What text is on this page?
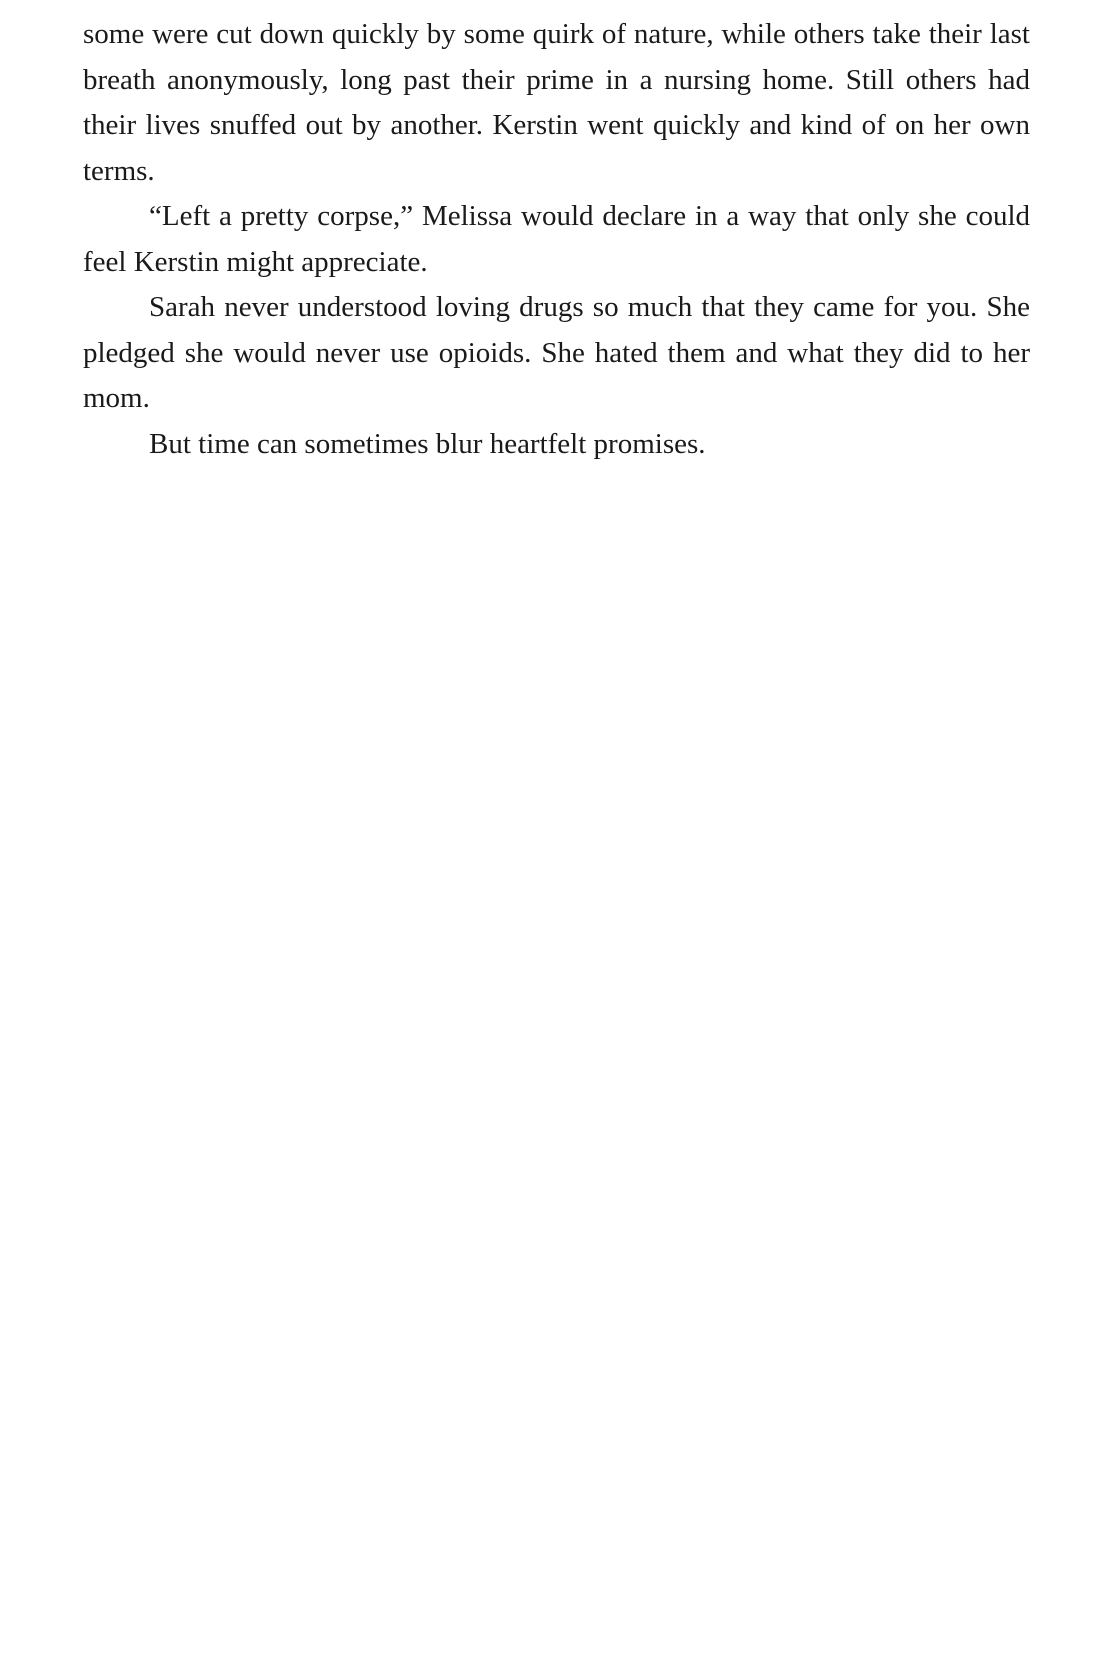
some were cut down quickly by some quirk of nature, while others take their last breath anonymously, long past their prime in a nursing home. Still others had their lives snuffed out by another. Kerstin went quickly and kind of on her own terms.

“Left a pretty corpse,” Melissa would declare in a way that only she could feel Kerstin might appreciate.

Sarah never understood loving drugs so much that they came for you. She pledged she would never use opioids. She hated them and what they did to her mom.

But time can sometimes blur heartfelt promises.
